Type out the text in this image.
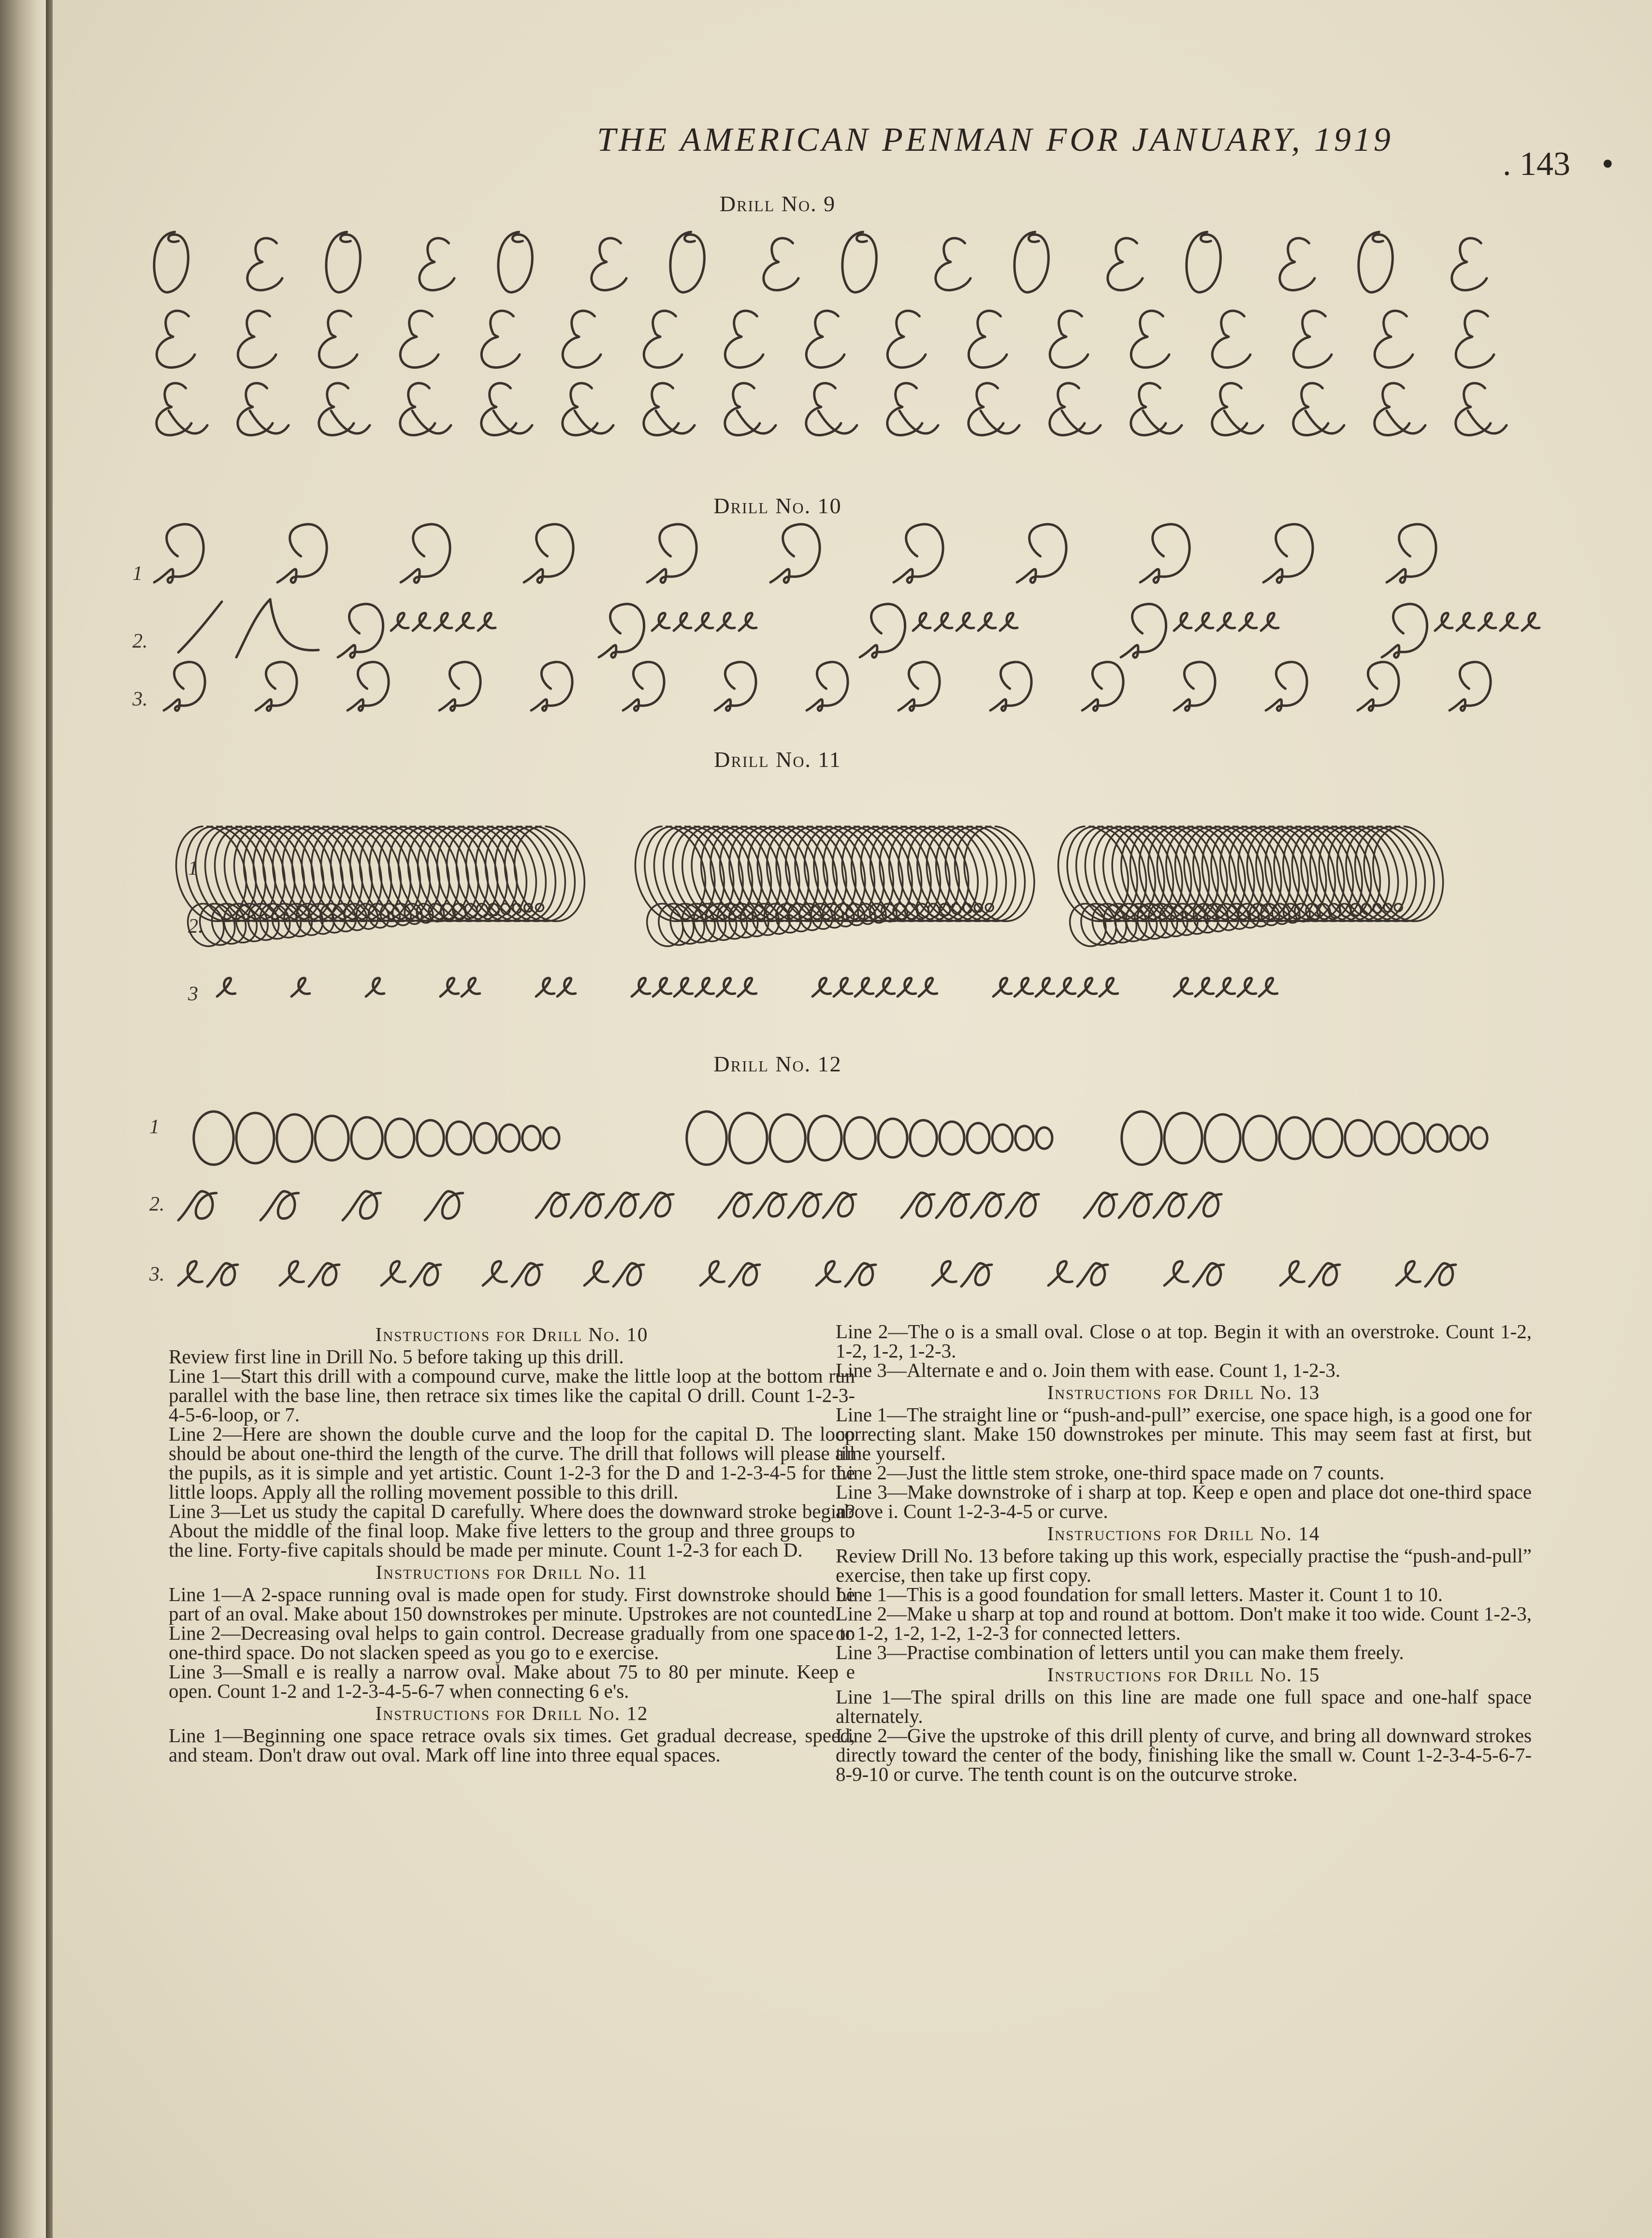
THE AMERICAN PENMAN FOR JANUARY, 1919
. 143 •
Drill No. 9
Drill No. 10
1
2.
3.
Drill No. 11
1
2.
3
Drill No. 12
1
2.
3.

Instructions for Drill No. 10

Review first line in Drill No. 5 before taking up this drill.

Line 1—Start this drill with a compound curve, make the little loop at the bottom run parallel with the base line, then retrace six times like the capital O drill. Count 1-2-3-4-5-6-loop, or 7.

Line 2—Here are shown the double curve and the loop for the capital D. The loop should be about one-third the length of the curve. The drill that follows will please all the pupils, as it is simple and yet artistic. Count 1-2-3 for the D and 1-2-3-4-5 for the little loops. Apply all the rolling movement possible to this drill.

Line 3—Let us study the capital D carefully. Where does the downward stroke begin? About the middle of the final loop. Make five letters to the group and three groups to the line. Forty-five capitals should be made per minute. Count 1-2-3 for each D.

Instructions for Drill No. 11

Line 1—A 2-space running oval is made open for study. First downstroke should be part of an oval. Make about 150 downstrokes per minute. Upstrokes are not counted.

Line 2—Decreasing oval helps to gain control. Decrease gradually from one space to one-third space. Do not slacken speed as you go to e exercise.

Line 3—Small e is really a narrow oval. Make about 75 to 80 per minute. Keep e open. Count 1-2 and 1-2-3-4-5-6-7 when connecting 6 e's.

Instructions for Drill No. 12

Line 1—Beginning one space retrace ovals six times. Get gradual decrease, speed, and steam. Don't draw out oval. Mark off line into three equal spaces.

Line 2—The o is a small oval. Close o at top. Begin it with an overstroke. Count 1-2, 1-2, 1-2, 1-2-3.

Line 3—Alternate e and o. Join them with ease. Count 1, 1-2-3.

Instructions for Drill No. 13

Line 1—The straight line or “push-and-pull” exercise, one space high, is a good one for correcting slant. Make 150 downstrokes per minute. This may seem fast at first, but time yourself.

Line 2—Just the little stem stroke, one-third space made on 7 counts.

Line 3—Make downstroke of i sharp at top. Keep e open and place dot one-third space above i. Count 1-2-3-4-5 or curve.

Instructions for Drill No. 14

Review Drill No. 13 before taking up this work, especially practise the “push-and-pull” exercise, then take up first copy.

Line 1—This is a good foundation for small letters. Master it. Count 1 to 10.

Line 2—Make u sharp at top and round at bottom. Don't make it too wide. Count 1-2-3, or 1-2, 1-2, 1-2, 1-2-3 for connected letters.

Line 3—Practise combination of letters until you can make them freely.

Instructions for Drill No. 15

Line 1—The spiral drills on this line are made one full space and one-half space alternately.

Line 2—Give the upstroke of this drill plenty of curve, and bring all downward strokes directly toward the center of the body, finishing like the small w. Count 1-2-3-4-5-6-7-8-9-10 or curve. The tenth count is on the outcurve stroke.
